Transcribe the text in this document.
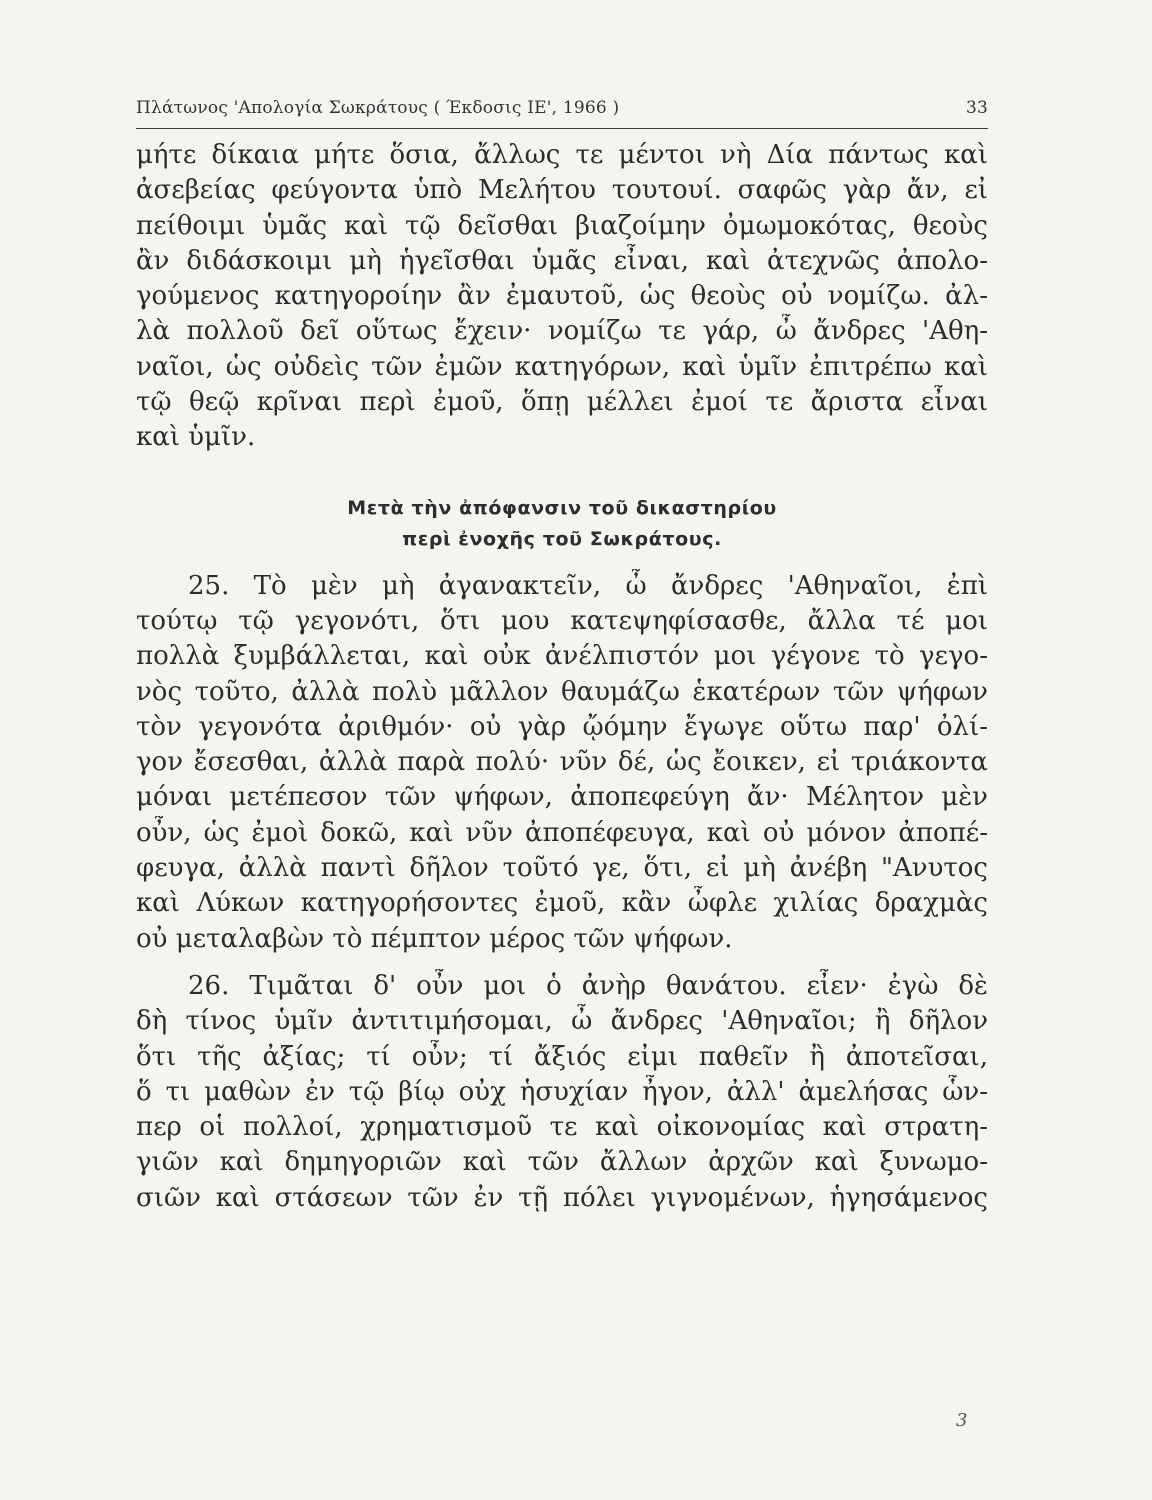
Πλάτωνος 'Απολογία Σωκράτους ( Έκδοσις ΙΕ', 1966 )	33
μήτε δίκαια μήτε ὅσια, ἄλλως τε μέντοι νὴ Δία πάντως καὶ
ἀσεβείας φεύγοντα ὑπὸ Μελήτου τουτουί. σαφῶς γὰρ ἄν, εἰ
πείθοιμι ὑμᾶς καὶ τῷ δεῖσθαι βιαζοίμην ὀμωμοκότας, θεοὺς
ἂν διδάσκοιμι μὴ ἡγεῖσθαι ὑμᾶς εἶναι, καὶ ἀτεχνῶς ἀπολο-
γούμενος κατηγοροίην ἂν ἐμαυτοῦ, ὡς θεοὺς οὐ νομίζω. ἀλ-
λὰ πολλοῦ δεῖ οὕτως ἔχειν· νομίζω τε γάρ, ὦ ἄνδρες 'Αθη-
ναῖοι, ὡς οὐδεὶς τῶν ἐμῶν κατηγόρων, καὶ ὑμῖν ἐπιτρέπω καὶ
τῷ θεῷ κρῖναι περὶ ἐμοῦ, ὅπῃ μέλλει ἐμοί τε ἄριστα εἶναι
καὶ ὑμῖν.
Μετὰ τὴν ἀπόφανσιν τοῦ δικαστηρίου
περὶ ἐνοχῆς τοῦ Σωκράτους.
25. Τὸ μὲν μὴ ἀγανακτεῖν, ὦ ἄνδρες 'Αθηναῖοι, ἐπὶ
τούτῳ τῷ γεγονότι, ὅτι μου κατεψηφίσασθε, ἄλλα τέ μοι
πολλὰ ξυμβάλλεται, καὶ οὐκ ἀνέλπιστόν μοι γέγονε τὸ γεγο-
νὸς τοῦτο, ἀλλὰ πολὺ μᾶλλον θαυμάζω ἑκατέρων τῶν ψήφων
τὸν γεγονότα ἀριθμόν· οὐ γὰρ ᾤόμην ἔγωγε οὕτω παρ' ὀλί-
γον ἔσεσθαι, ἀλλὰ παρὰ πολύ· νῦν δέ, ὡς ἔοικεν, εἰ τριάκοντα
μόναι μετέπεσον τῶν ψήφων, ἀποπεφεύγη ἄν· Μέλητον μὲν
οὖν, ὡς ἐμοὶ δοκῶ, καὶ νῦν ἀποπέφευγα, καὶ οὐ μόνον ἀποπέ-
φευγα, ἀλλὰ παντὶ δῆλον τοῦτό γε, ὅτι, εἰ μὴ ἀνέβη "Ανυτος
καὶ Λύκων κατηγορήσοντες ἐμοῦ, κἂν ὦφλε χιλίας δραχμὰς
οὐ μεταλαβὼν τὸ πέμπτον μέρος τῶν ψήφων.
26. Τιμᾶται δ' οὖν μοι ὁ ἀνὴρ θανάτου. εἶεν· ἐγὼ δὲ
δὴ τίνος ὑμῖν ἀντιτιμήσομαι, ὦ ἄνδρες 'Αθηναῖοι; ἢ δῆλον
ὅτι τῆς ἀξίας; τί οὖν; τί ἄξιός εἰμι παθεῖν ἢ ἀποτεῖσαι,
ὅ τι μαθὼν ἐν τῷ βίῳ οὐχ ἡσυχίαν ἦγον, ἀλλ' ἀμελήσας ὧν-
περ οἱ πολλοί, χρηματισμοῦ τε καὶ οἰκονομίας καὶ στρατη-
γιῶν καὶ δημηγοριῶν καὶ τῶν ἄλλων ἀρχῶν καὶ ξυνωμο-
σιῶν καὶ στάσεων τῶν ἐν τῇ πόλει γιγνομένων, ἡγησάμενος
3
